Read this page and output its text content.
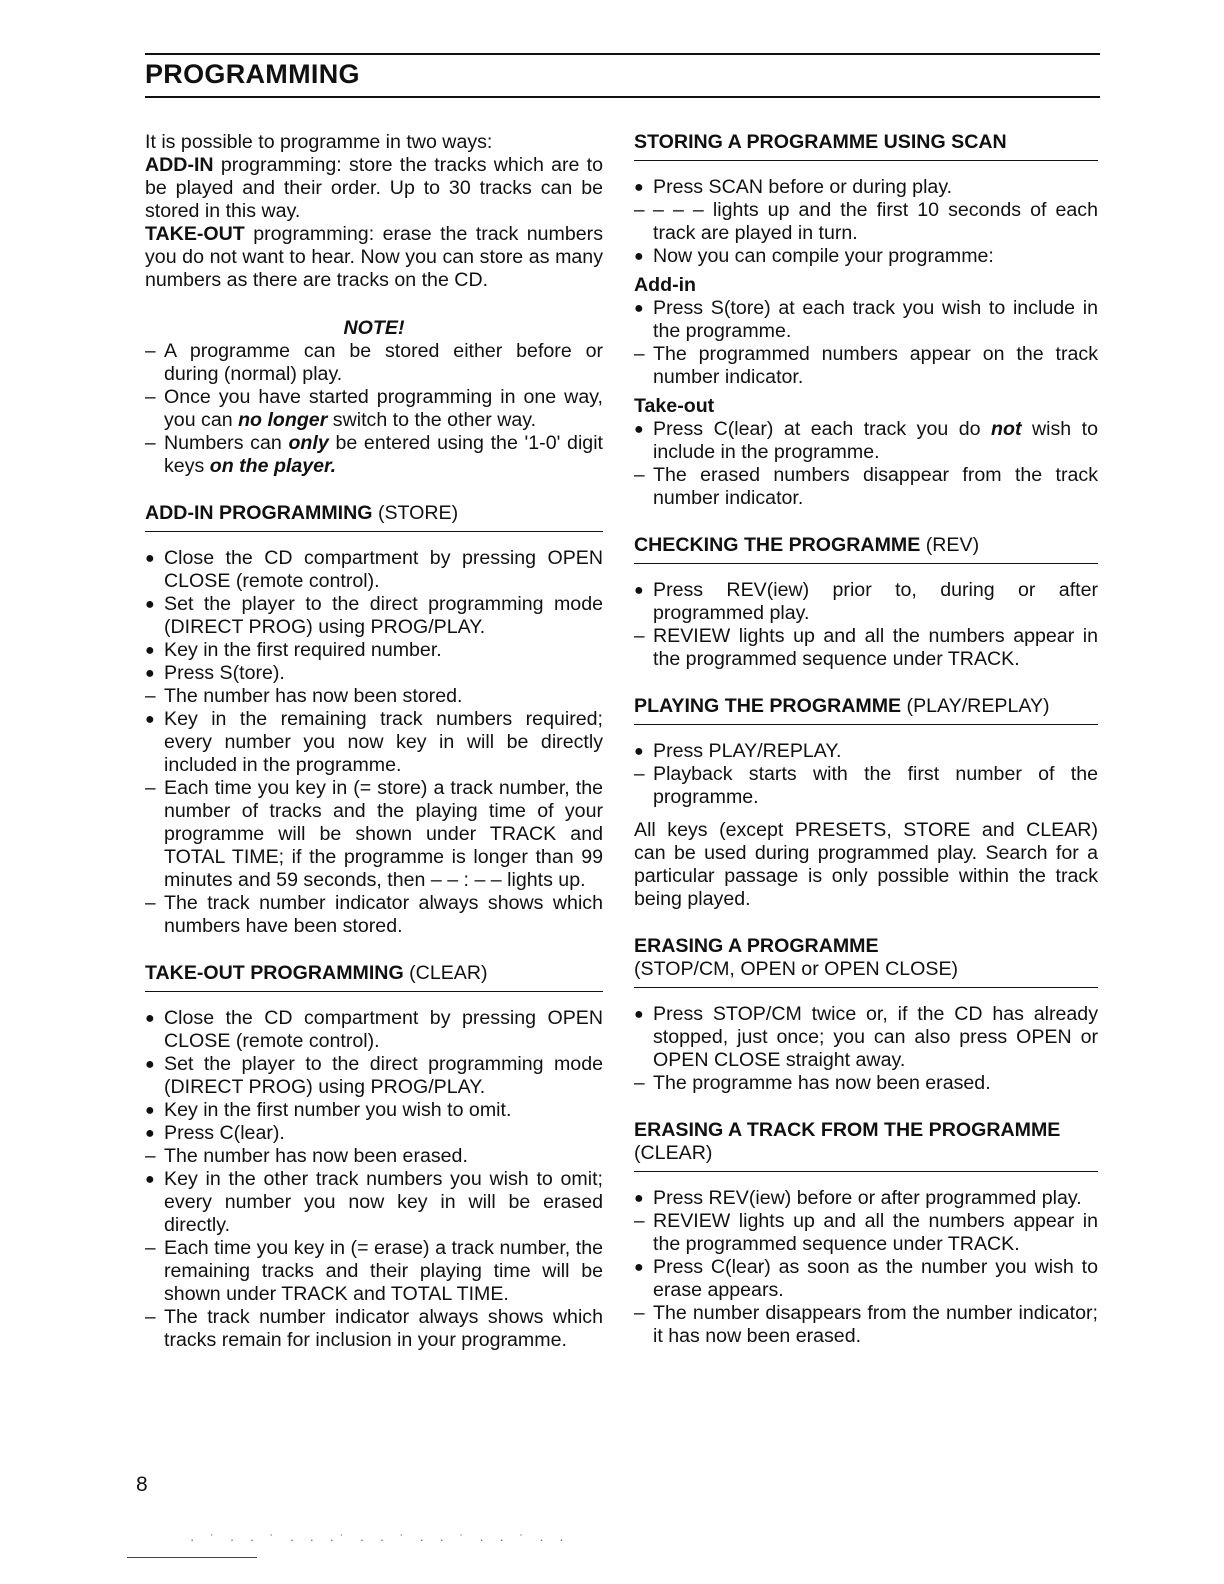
PROGRAMMING

It is possible to programme in two ways:

ADD-IN programming: store the tracks which are to be played and their order. Up to 30 tracks can be stored in this way.

TAKE-OUT programming: erase the track numbers you do not want to hear. Now you can store as many numbers as there are tracks on the CD.

NOTE!

– A programme can be stored either before or during (normal) play.
– Once you have started programming in one way, you can no longer switch to the other way.
– Numbers can only be entered using the '1-0' digit keys on the player.
ADD-IN PROGRAMMING (STORE)
● Close the CD compartment by pressing OPEN CLOSE (remote control).
● Set the player to the direct programming mode (DIRECT PROG) using PROG/PLAY.
● Key in the first required number.
● Press S(tore).
– The number has now been stored.
● Key in the remaining track numbers required; every number you now key in will be directly included in the programme.
– Each time you key in (= store) a track number, the number of tracks and the playing time of your programme will be shown under TRACK and TOTAL TIME; if the programme is longer than 99 minutes and 59 seconds, then – – : – – lights up.
– The track number indicator always shows which numbers have been stored.
TAKE-OUT PROGRAMMING (CLEAR)
● Close the CD compartment by pressing OPEN CLOSE (remote control).
● Set the player to the direct programming mode (DIRECT PROG) using PROG/PLAY.
● Key in the first number you wish to omit.
● Press C(lear).
– The number has now been erased.
● Key in the other track numbers you wish to omit; every number you now key in will be erased directly.
– Each time you key in (= erase) a track number, the remaining tracks and their playing time will be shown under TRACK and TOTAL TIME.
– The track number indicator always shows which tracks remain for inclusion in your programme.
STORING A PROGRAMME USING SCAN
● Press SCAN before or during play.
– – – – lights up and the first 10 seconds of each track are played in turn.
● Now you can compile your programme:

Add-in

● Press S(tore) at each track you wish to include in the programme.
– The programmed numbers appear on the track number indicator.

Take-out

● Press C(lear) at each track you do not wish to include in the programme.
– The erased numbers disappear from the track number indicator.
CHECKING THE PROGRAMME (REV)
● Press REV(iew) prior to, during or after programmed play.
– REVIEW lights up and all the numbers appear in the programmed sequence under TRACK.
PLAYING THE PROGRAMME (PLAY/REPLAY)
● Press PLAY/REPLAY.
– Playback starts with the first number of the programme.

All keys (except PRESETS, STORE and CLEAR) can be used during programmed play. Search for a particular passage is only possible within the track being played.

ERASING A PROGRAMME
(STOP/CM, OPEN or OPEN CLOSE)
● Press STOP/CM twice or, if the CD has already stopped, just once; you can also press OPEN or OPEN CLOSE straight away.
– The programme has now been erased.
ERASING A TRACK FROM THE PROGRAMME
(CLEAR)
● Press REV(iew) before or after programmed play.
– REVIEW lights up and all the numbers appear in the programmed sequence under TRACK.
● Press C(lear) as soon as the number you wish to erase appears.
– The number disappears from the number indicator; it has now been erased.
8
· ˙ · · ˙ · · ·˙ · · ˙ · · ˙ · · ˙ · ·
